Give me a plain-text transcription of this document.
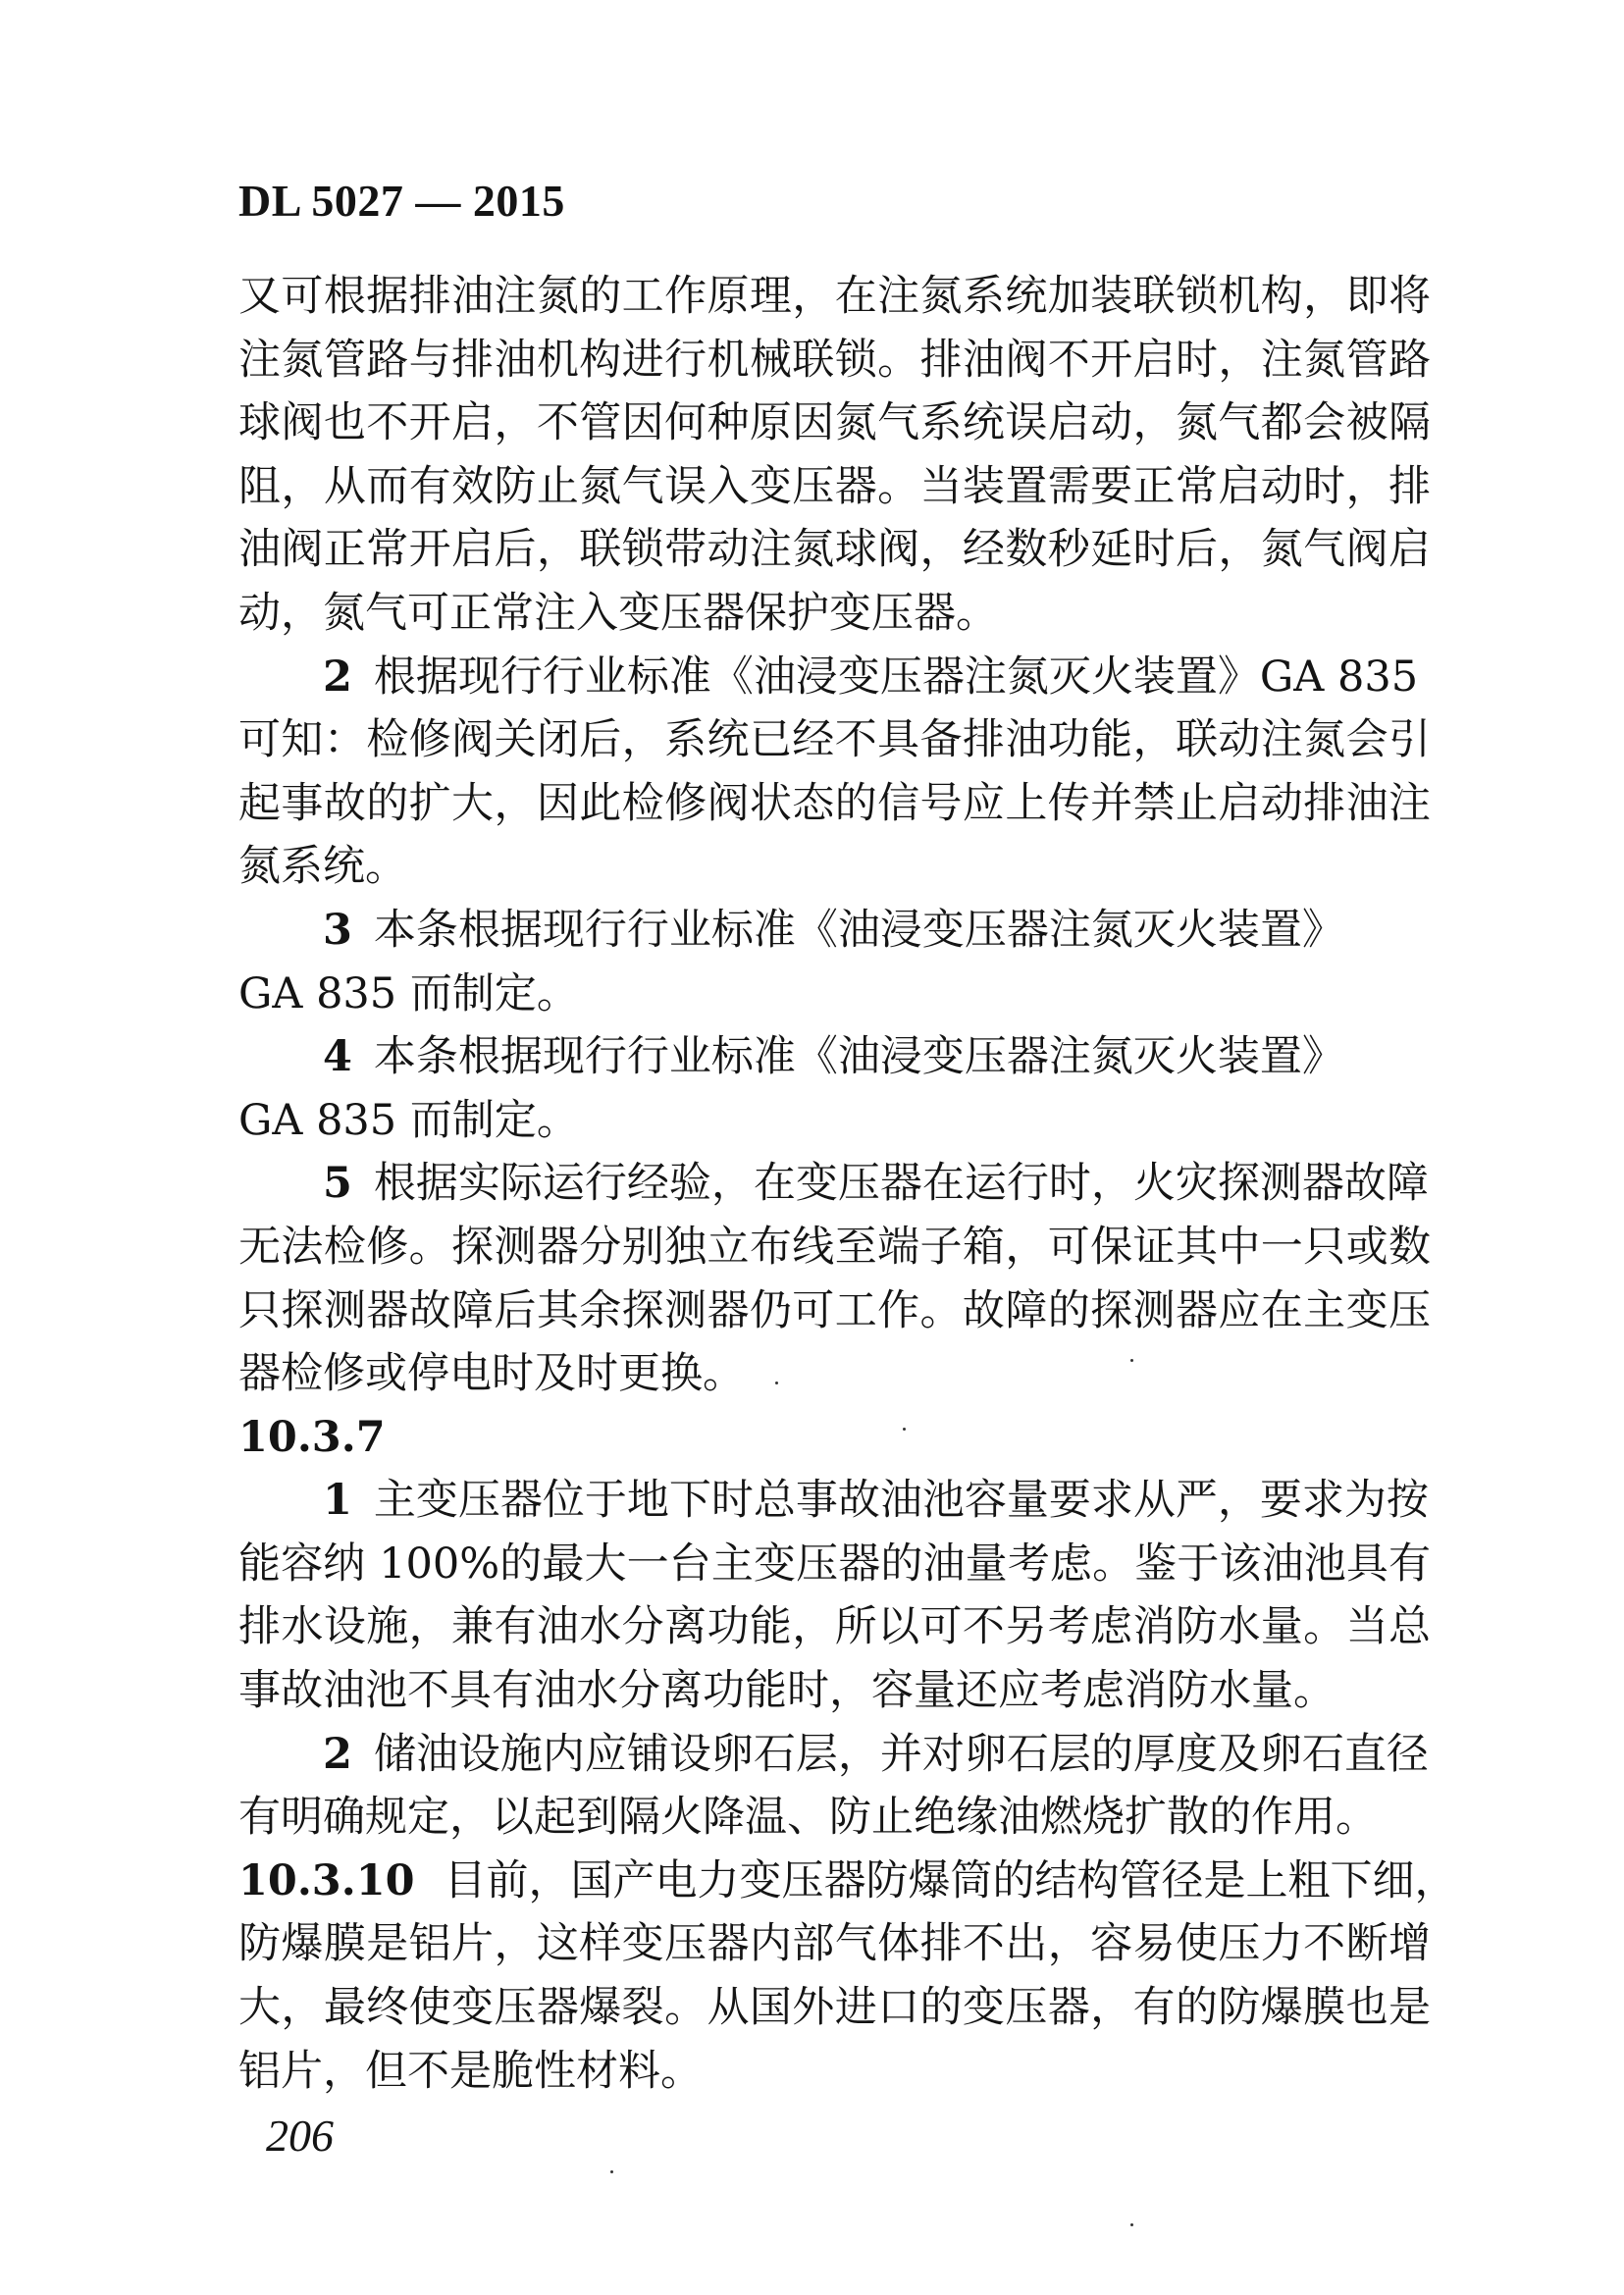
DL 5027 — 2015
又可根据排油注氮的工作原理，在注氮系统加装联锁机构，即将
注氮管路与排油机构进行机械联锁。排油阀不开启时，注氮管路
球阀也不开启，不管因何种原因氮气系统误启动，氮气都会被隔
阻，从而有效防止氮气误入变压器。当装置需要正常启动时，排
油阀正常开启后，联锁带动注氮球阀，经数秒延时后，氮气阀启
动，氮气可正常注入变压器保护变压器。
2 根据现行行业标准《油浸变压器注氮灭火装置》GA 835
可知：检修阀关闭后，系统已经不具备排油功能，联动注氮会引
起事故的扩大，因此检修阀状态的信号应上传并禁止启动排油注
氮系统。
3 本条根据现行行业标准《油浸变压器注氮灭火装置》
GA 835 而制定。
4 本条根据现行行业标准《油浸变压器注氮灭火装置》
GA 835 而制定。
5 根据实际运行经验，在变压器在运行时，火灾探测器故障
无法检修。探测器分别独立布线至端子箱，可保证其中一只或数
只探测器故障后其余探测器仍可工作。故障的探测器应在主变压
器检修或停电时及时更换。
10.3.7
1 主变压器位于地下时总事故油池容量要求从严，要求为按
能容纳 100%的最大一台主变压器的油量考虑。鉴于该油池具有
排水设施，兼有油水分离功能，所以可不另考虑消防水量。当总
事故油池不具有油水分离功能时，容量还应考虑消防水量。
2 储油设施内应铺设卵石层，并对卵石层的厚度及卵石直径
有明确规定，以起到隔火降温、防止绝缘油燃烧扩散的作用。
10.3.10 目前，国产电力变压器防爆筒的结构管径是上粗下细，
防爆膜是铝片，这样变压器内部气体排不出，容易使压力不断增
大，最终使变压器爆裂。从国外进口的变压器，有的防爆膜也是
铝片，但不是脆性材料。
206
